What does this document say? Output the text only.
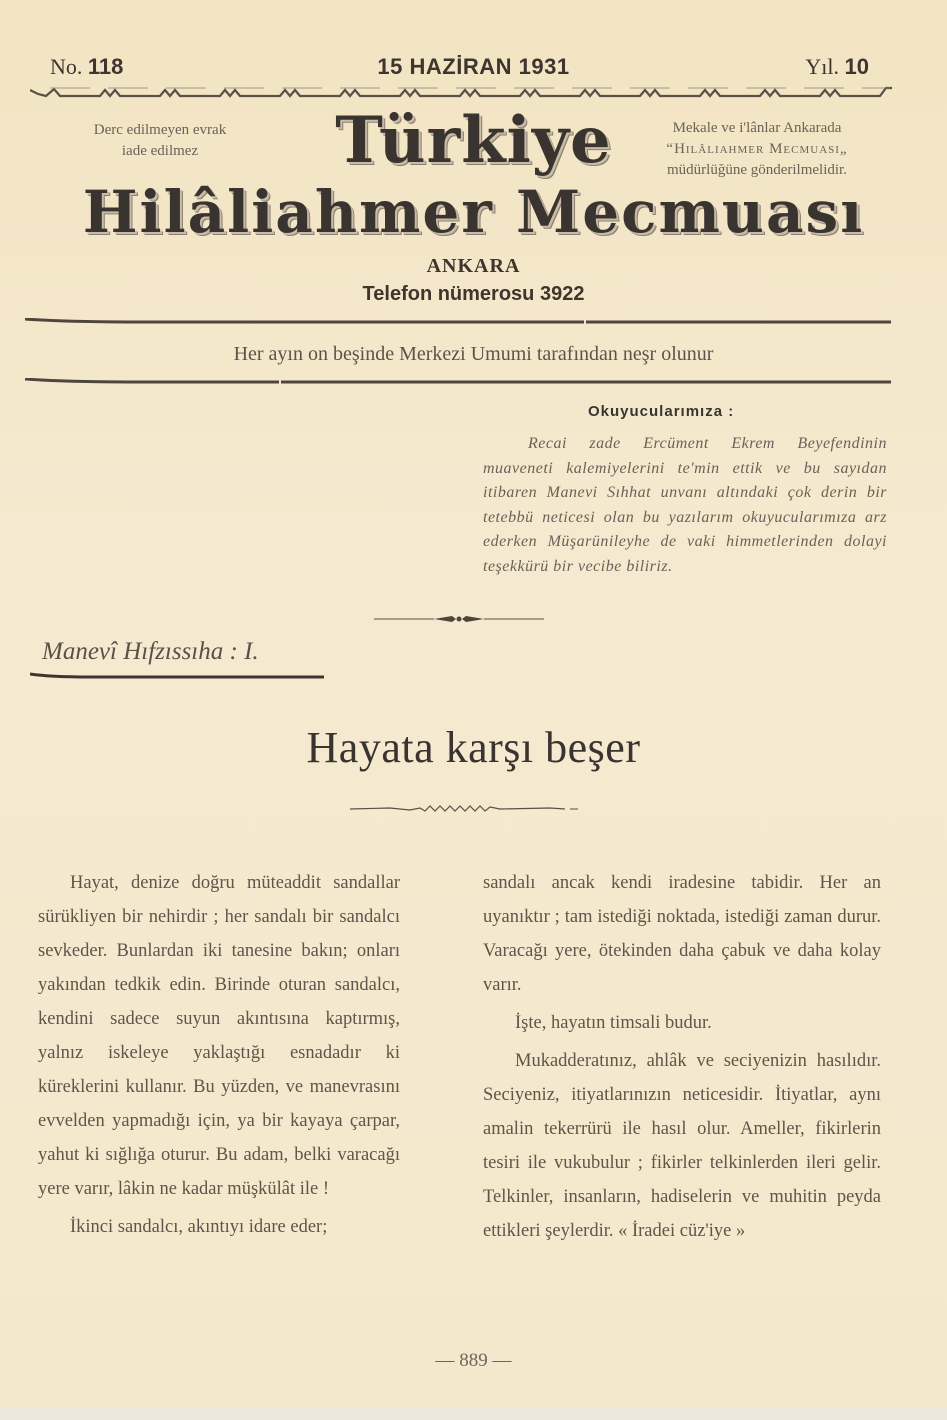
No. 118	15 HAZİRAN 1931	Yıl. 10
Derc edilmeyen evrak
iade edilmez
Mekale ve i'lânlar Ankarada
“Hilâliahmer Mecmuası„
müdürlüğüne gönderilmelidir.
Türkiye
Hilâliahmer Mecmuası
ANKARA
Telefon nümerosu 3922
Her ayın on beşinde Merkezi Umumi tarafından neşr olunur
Okuyucularımıza :

Recai zade Ercüment Ekrem Beyefendinin muaveneti kalemiyelerini te'min ettik ve bu sayıdan itibaren Manevi Sıhhat unvanı altındaki çok derin bir tetebbü neticesi olan bu yazılarım okuyucularımıza arz ederken Müşarünileyhe de vaki himmetlerinden dolayi teşekkürü bir vecibe biliriz.

Manevî Hıfzıssıha : I.
Hayata karşı beşer

Hayat, denize doğru müteaddit sandallar sürükliyen bir nehirdir ; her sandalı bir sandalcı sevkeder. Bunlardan iki tanesine bakın; onları yakından tedkik edin. Birinde oturan sandalcı, kendini sadece suyun akıntısına kaptırmış, yalnız iskeleye yaklaştığı esnadadır ki küreklerini kullanır. Bu yüzden, ve manevrasını evvelden yapmadığı için, ya bir kayaya çarpar, yahut ki sığlığa oturur. Bu adam, belki varacağı yere varır, lâkin ne kadar müşkülât ile !

İkinci sandalcı, akıntıyı idare eder;

sandalı ancak kendi iradesine tabidir. Her an uyanıktır ; tam istediği noktada, istediği zaman durur. Varacağı yere, ötekinden daha çabuk ve daha kolay varır.

İşte, hayatın timsali budur.

Mukadderatınız, ahlâk ve seciyenizin hasılıdır. Seciyeniz, itiyatlarınızın neticesidir. İtiyatlar, aynı amalin tekerrürü ile hasıl olur. Ameller, fikirlerin tesiri ile vukubulur ; fikirler telkinlerden ileri gelir. Telkinler, insanların, hadiselerin ve muhitin peyda ettikleri şeylerdir. « İradei cüz'iye »

— 889 —
